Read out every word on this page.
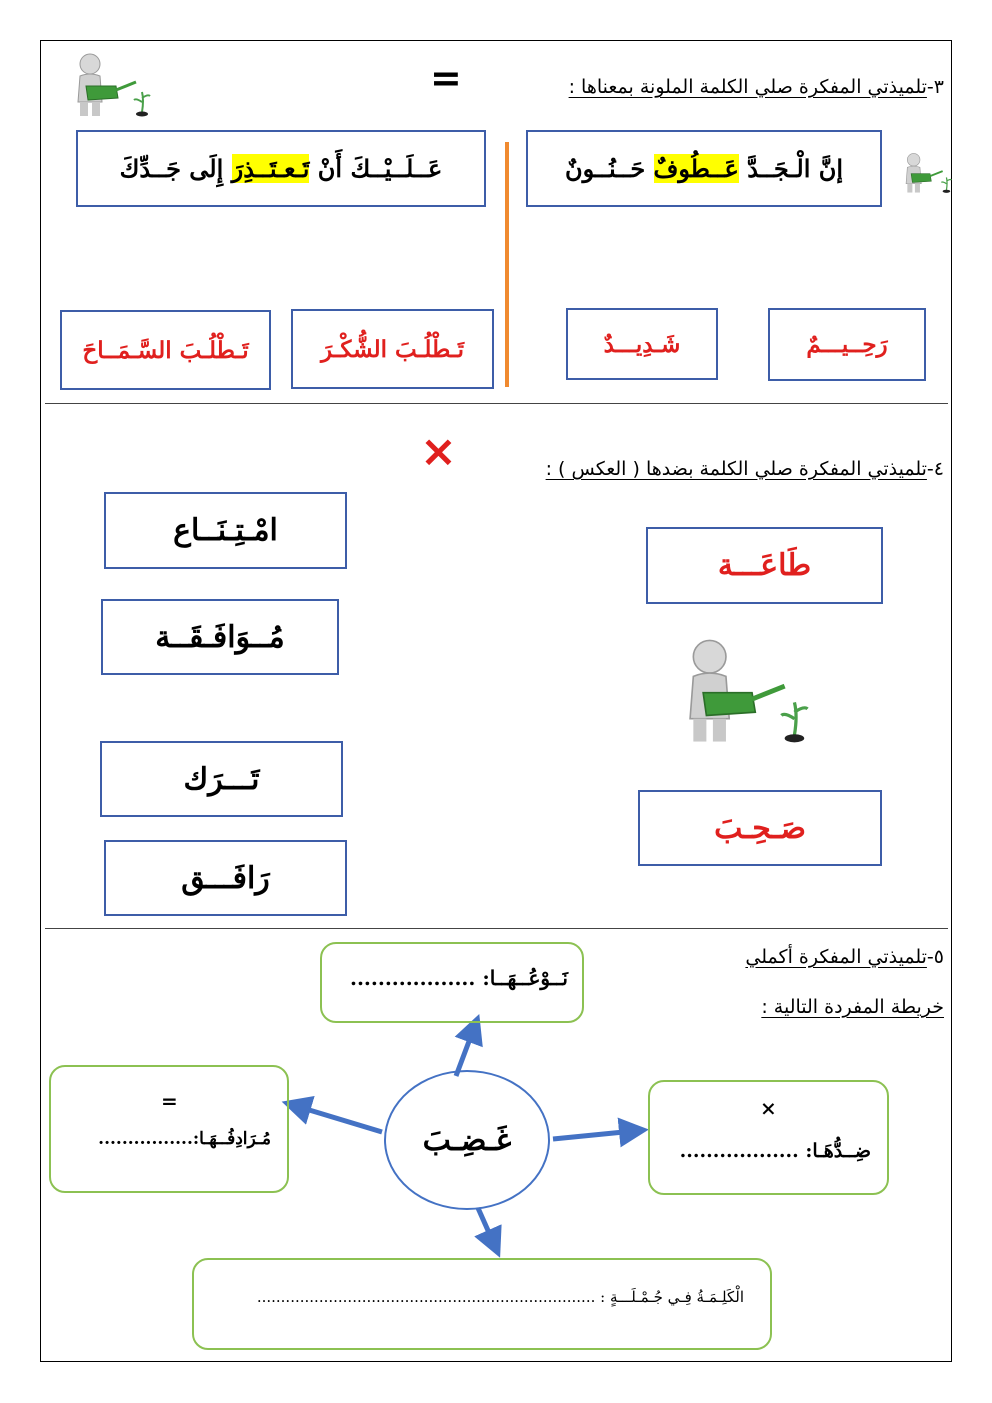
٣-تلميذتي المفكرة صلي الكلمة الملونة بمعناها :
=
إنَّ الْـجَــدَّ عَــطُوفٌ حَــنُــونٌ
عَــلَــيْــكَ أَنْ تَـعـتَــذِرَ إِلَى جَــدِّكَ
رَحِــيـــمٌ
شَـدِيـــدٌ
تَـطْلُـبَ الشُّكْـرَ
تَـطْلُـبَ السَّـمَــاحَ
٤-تلميذتي المفكرة صلي الكلمة بضدها ( العكس ) :
×
امْـتِـنَــاع
مُــوَافَـقَــة
تَـــرَك
رَافَـــق
طَاعَـــة
صَـحِـبَ
٥-تلميذتي المفكرة أكملي
خريطة المفردة التالية :
غَـضِـبَ
نَــوْعُــهَــا: ..................
=
مُـرَادِفُــهَـا:................
×
ضِــدُّهَـا: ..................
الْكَلِـمَـةُ فِـي جُـمْـلَـــةٍ : .......................................................................
